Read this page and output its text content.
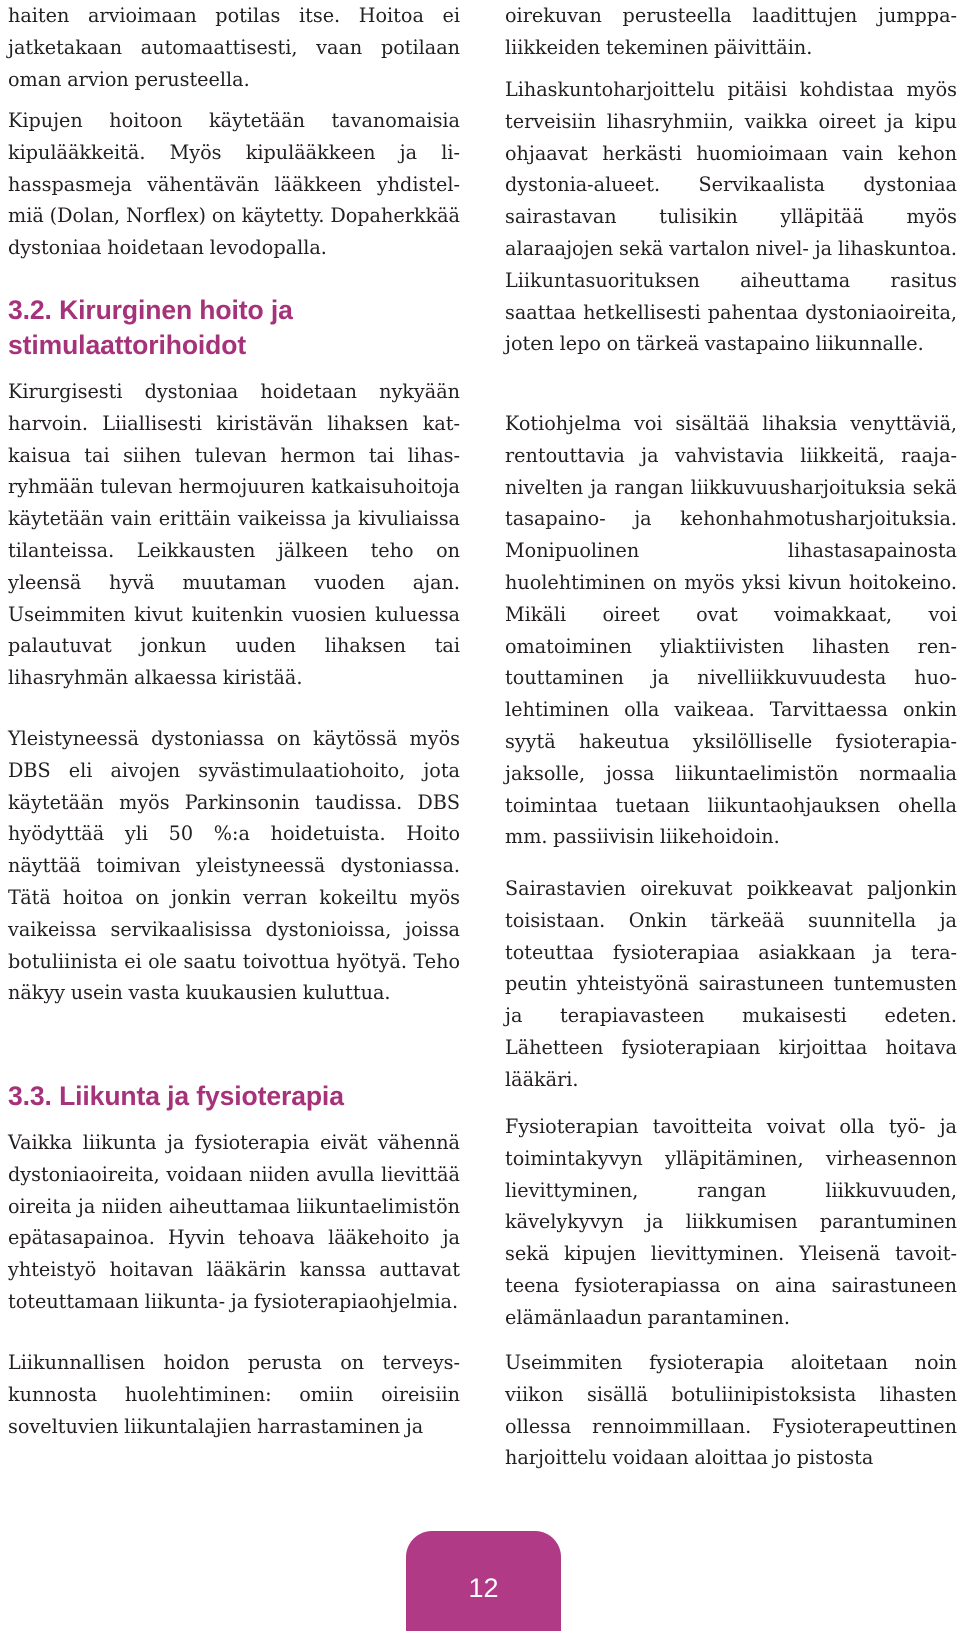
haiten arvioimaan potilas itse. Hoitoa ei jatketakaan automaattisesti, vaan potilaan oman arvion perusteella.

Kipujen hoitoon käytetään tavanomaisia kipulääkkeitä. Myös kipulääkkeen ja lihasspasmeja vähentävän lääkkeen yhdistelmiä (Dolan, Norflex) on käytetty. Dopaherkkää dystoniaa hoidetaan levodopalla.

3.2. Kirurginen hoito ja stimulaattorihoidot

Kirurgisesti dystoniaa hoidetaan nykyään harvoin. Liiallisesti kiristävän lihaksen katkaisua tai siihen tulevan hermon tai lihasryhmään tulevan hermojuuren katkaisuhoitoja käytetään vain erittäin vaikeissa ja kivuliaissa tilanteissa. Leikkausten jälkeen teho on yleensä hyvä muutaman vuoden ajan. Useimmiten kivut kuitenkin vuosien kuluessa palautuvat jonkun uuden lihaksen tai lihasryhmän alkaessa kiristää.

Yleistyneessä dystoniassa on käytössä myös DBS eli aivojen syvästimulaatiohoito, jota käytetään myös Parkinsonin taudissa. DBS hyödyttää yli 50 %:a hoidetuista. Hoito näyttää toimivan yleistyneessä dystoniassa. Tätä hoitoa on jonkin verran kokeiltu myös vaikeissa servikaalisissa dystonioissa, joissa botuliinista ei ole saatu toivottua hyötyä. Teho näkyy usein vasta kuukausien kuluttua.

3.3. Liikunta ja fysioterapia

Vaikka liikunta ja fysioterapia eivät vähennä dystoniaoireita, voidaan niiden avulla lievittää oireita ja niiden aiheuttamaa liikuntaelimistön epätasapainoa. Hyvin tehoava lääkehoito ja yhteistyö hoitavan lääkärin kanssa auttavat toteuttamaan liikunta- ja fysioterapiaohjelmia.

Liikunnallisen hoidon perusta on terveyskunnosta huolehtiminen: omiin oireisiin soveltuvien liikuntalajien harrastaminen ja

oirekuvan perusteella laadittujen jumppaliikkeiden tekeminen päivittäin.

Lihaskuntoharjoittelu pitäisi kohdistaa myös terveisiin lihasryhmiin, vaikka oireet ja kipu ohjaavat herkästi huomioimaan vain kehon dystonia-alueet. Servikaalista dystoniaa sairastavan tulisikin ylläpitää myös alaraajojen sekä vartalon nivel- ja lihaskuntoa. Liikuntasuorituksen aiheuttama rasitus saattaa hetkellisesti pahentaa dystoniaoireita, joten lepo on tärkeä vastapaino liikunnalle.

Kotiohjelma voi sisältää lihaksia venyttäviä, rentouttavia ja vahvistavia liikkeitä, raajanivelten ja rangan liikkuvuusharjoituksia sekä tasapaino- ja kehonhahmotusharjoituksia. Monipuolinen lihastasapainosta huolehtiminen on myös yksi kivun hoitokeino. Mikäli oireet ovat voimakkaat, voi omatoiminen yliaktiivisten lihasten rentouttaminen ja nivelliikkuvuudesta huolehtiminen olla vaikeaa. Tarvittaessa onkin syytä hakeutua yksilölliselle fysioterapiajaksolle, jossa liikuntaelimistön normaalia toimintaa tuetaan liikuntaohjauksen ohella mm. passiivisin liikehoidoin.

Sairastavien oirekuvat poikkeavat paljonkin toisistaan. Onkin tärkeää suunnitella ja toteuttaa fysioterapiaa asiakkaan ja terapeutin yhteistyönä sairastuneen tuntemusten ja terapiavasteen mukaisesti edeten. Lähetteen fysioterapiaan kirjoittaa hoitava lääkäri.

Fysioterapian tavoitteita voivat olla työ- ja toimintakyvyn ylläpitäminen, virheasennon lievittyminen, rangan liikkuvuuden, kävelykyvyn ja liikkumisen parantuminen sekä kipujen lievittyminen. Yleisenä tavoitteena fysioterapiassa on aina sairastuneen elämänlaadun parantaminen.

Useimmiten fysioterapia aloitetaan noin viikon sisällä botuliinipistoksista lihasten ollessa rennoimmillaan. Fysioterapeuttinen harjoittelu voidaan aloittaa jo pistosta

12
